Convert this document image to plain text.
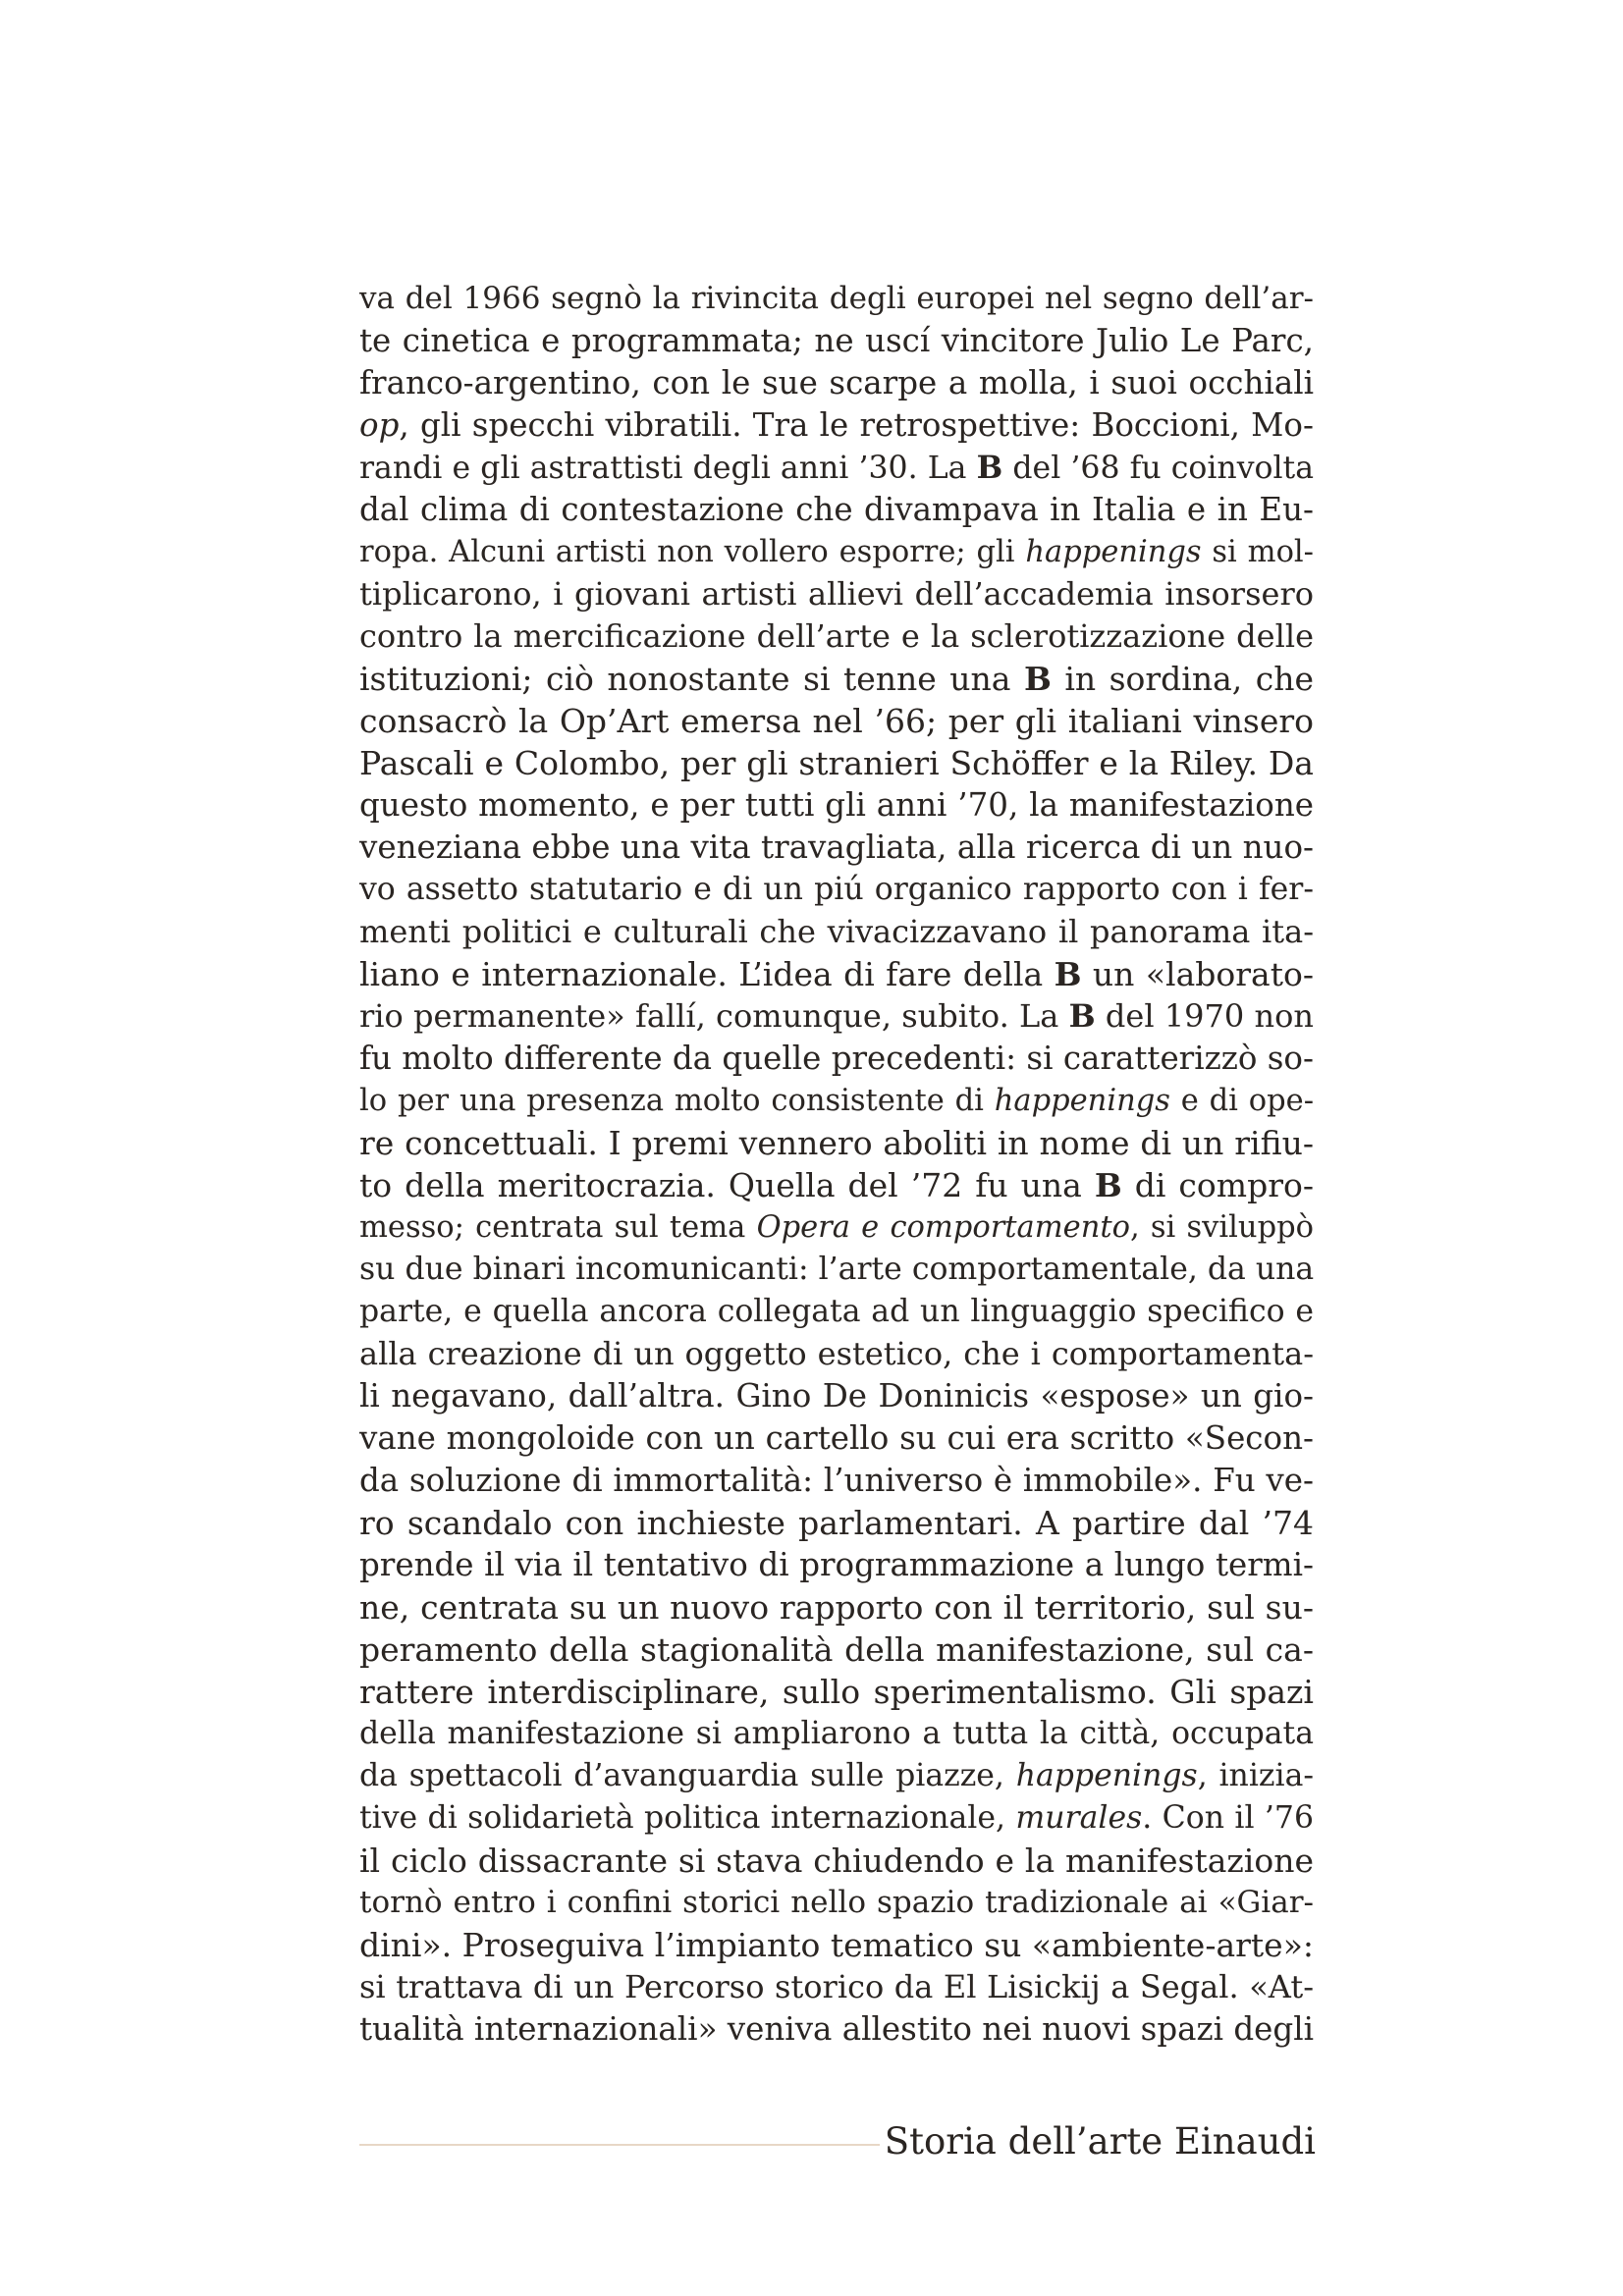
va del 1966 segnò la rivincita degli europei nel segno dell’ar-
te cinetica e programmata; ne uscí vincitore Julio Le Parc,
franco-argentino, con le sue scarpe a molla, i suoi occhiali
op, gli specchi vibratili. Tra le retrospettive: Boccioni, Mo-
randi e gli astrattisti degli anni ’30. La B del ’68 fu coinvolta
dal clima di contestazione che divampava in Italia e in Eu-
ropa. Alcuni artisti non vollero esporre; gli happenings si mol-
tiplicarono, i giovani artisti allievi dell’accademia insorsero
contro la mercificazione dell’arte e la sclerotizzazione delle
istituzioni; ciò nonostante si tenne una B in sordina, che
consacrò la Op’Art emersa nel ’66; per gli italiani vinsero
Pascali e Colombo, per gli stranieri Schöffer e la Riley. Da
questo momento, e per tutti gli anni ’70, la manifestazione
veneziana ebbe una vita travagliata, alla ricerca di un nuo-
vo assetto statutario e di un piú organico rapporto con i fer-
menti politici e culturali che vivacizzavano il panorama ita-
liano e internazionale. L’idea di fare della B un «laborato-
rio permanente» fallí, comunque, subito. La B del 1970 non
fu molto differente da quelle precedenti: si caratterizzò so-
lo per una presenza molto consistente di happenings e di ope-
re concettuali. I premi vennero aboliti in nome di un rifiu-
to della meritocrazia. Quella del ’72 fu una B di compro-
messo; centrata sul tema Opera e comportamento, si sviluppò
su due binari incomunicanti: l’arte comportamentale, da una
parte, e quella ancora collegata ad un linguaggio specifico e
alla creazione di un oggetto estetico, che i comportamenta-
li negavano, dall’altra. Gino De Doninicis «espose» un gio-
vane mongoloide con un cartello su cui era scritto «Secon-
da soluzione di immortalità: l’universo è immobile». Fu ve-
ro scandalo con inchieste parlamentari. A partire dal ’74
prende il via il tentativo di programmazione a lungo termi-
ne, centrata su un nuovo rapporto con il territorio, sul su-
peramento della stagionalità della manifestazione, sul ca-
rattere interdisciplinare, sullo sperimentalismo. Gli spazi
della manifestazione si ampliarono a tutta la città, occupata
da spettacoli d’avanguardia sulle piazze, happenings, inizia-
tive di solidarietà politica internazionale, murales. Con il ’76
il ciclo dissacrante si stava chiudendo e la manifestazione
tornò entro i confini storici nello spazio tradizionale ai «Giar-
dini». Proseguiva l’impianto tematico su «ambiente-arte»:
si trattava di un Percorso storico da El Lisickij a Segal. «At-
tualità internazionali» veniva allestito nei nuovi spazi degli
Storia dell’arte Einaudi
